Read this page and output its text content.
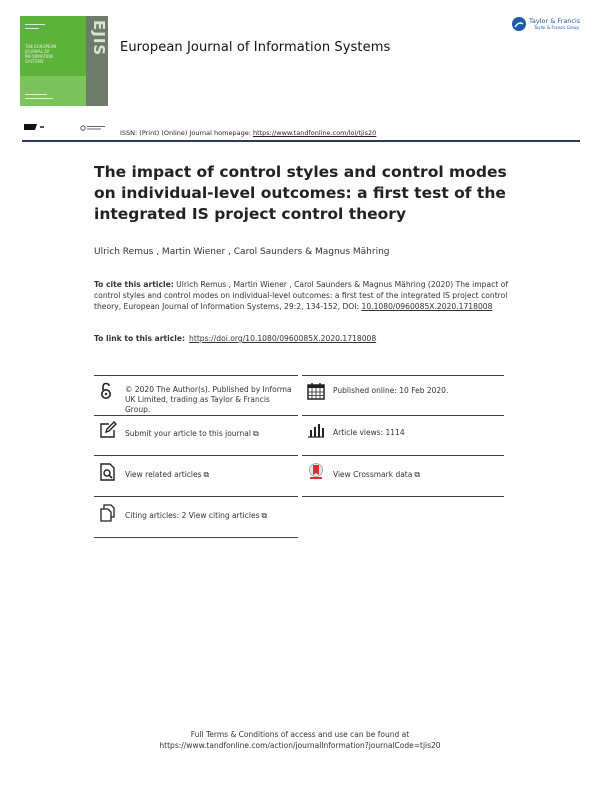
THE EUROPEAN
JOURNAL OF
INFORMATION
SYSTEMS
EJIS European Journal of Information Systems
Taylor & Francis
Taylor & Francis Group
ISSN: (Print) (Online) Journal homepage: https://www.tandfonline.com/loi/tjis20
The impact of control styles and control modes
on individual-level outcomes: a first test of the
integrated IS project control theory
Ulrich Remus , Martin Wiener , Carol Saunders & Magnus Mähring
To cite this article: Ulrich Remus , Martin Wiener , Carol Saunders & Magnus Mähring (2020) The impact of control styles and control modes on individual-level outcomes: a first test of the integrated IS project control theory, European Journal of Information Systems, 29:2, 134-152, DOI: 10.1080/0960085X.2020.1718008
To link to this article: https://doi.org/10.1080/0960085X.2020.1718008
© 2020 The Author(s). Published by Informa UK Limited, trading as Taylor & Francis Group.
Published online: 10 Feb 2020.
Submit your article to this journal ⧉	Article views: 1114
View related articles ⧉	View Crossmark data ⧉
Citing articles: 2 View citing articles ⧉
Full Terms & Conditions of access and use can be found at
https://www.tandfonline.com/action/journalInformation?journalCode=tjis20
